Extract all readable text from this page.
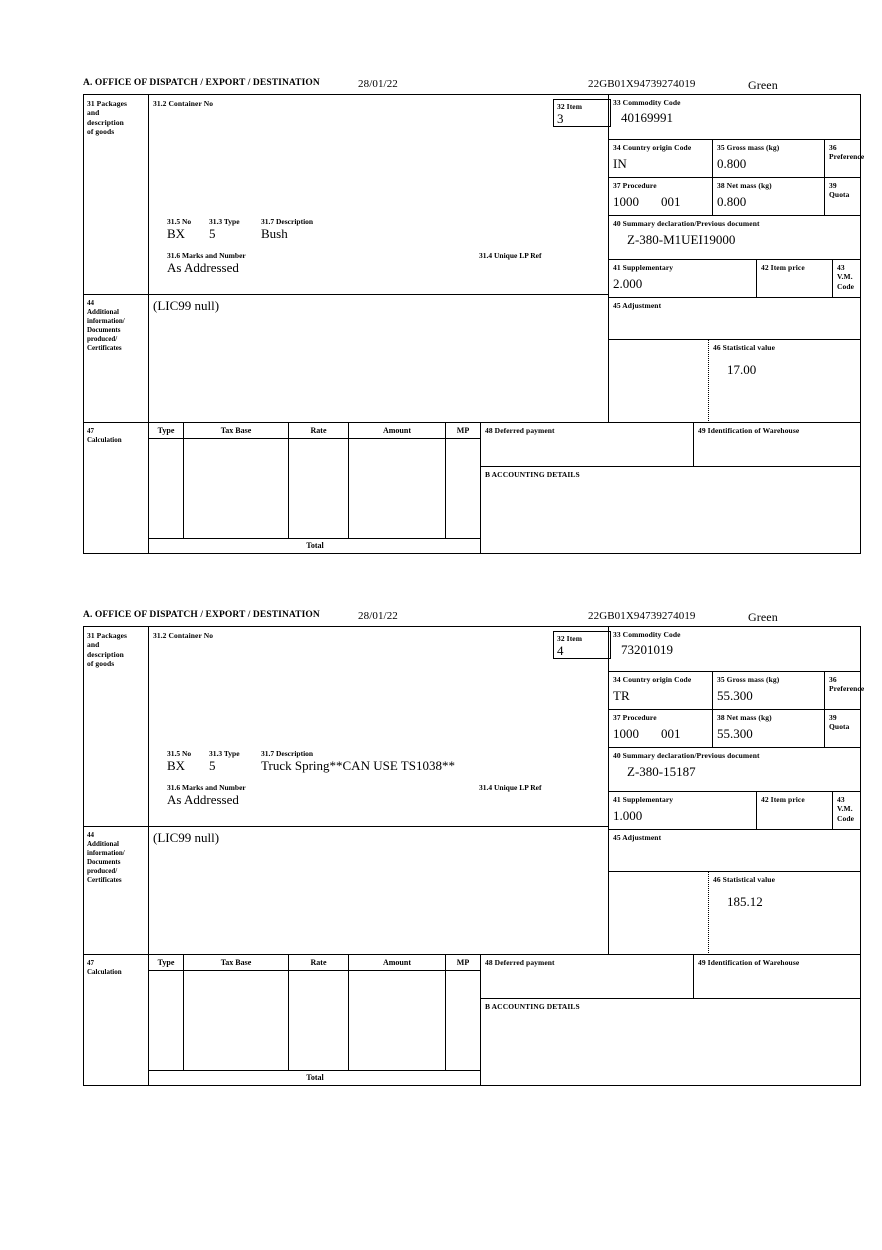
A. OFFICE OF DISPATCH / EXPORT / DESTINATION	28/01/22	22GB01X94739274019	Green
31 Packages
and
description
of goods
31.2 Container No	32 Item
3
31.5 No 31.3 Type	31.7 Description
BX 5	Bush
31.6 Marks and Number	31.4 Unique LP Ref
As Addressed
44
Additional
information/
Documents
produced/
Certificates
(LIC99 null)
33 Commodity Code
40169991
34 Country origin Code
IN
35 Gross mass (kg)
0.800
36 Preference
37 Procedure
1000 001
38 Net mass (kg)
0.800
39 Quota
40 Summary declaration/Previous document
Z-380-M1UEI19000
41 Supplementary
2.000
42 Item price	43 V.M. Code
45 Adjustment
46 Statistical value
17.00
47
Calculation
Type	Tax Base	Rate	Amount	MP
Total
48 Deferred payment	49 Identification of Warehouse
B ACCOUNTING DETAILS
A. OFFICE OF DISPATCH / EXPORT / DESTINATION	28/01/22	22GB01X94739274019	Green
31 Packages
and
description
of goods
31.2 Container No	32 Item
4
31.5 No 31.3 Type	31.7 Description
BX 5	Truck Spring**CAN USE TS1038**
31.6 Marks and Number	31.4 Unique LP Ref
As Addressed
44
Additional
information/
Documents
produced/
Certificates
(LIC99 null)
33 Commodity Code
73201019
34 Country origin Code
TR
35 Gross mass (kg)
55.300
36 Preference
37 Procedure
1000 001
38 Net mass (kg)
55.300
39 Quota
40 Summary declaration/Previous document
Z-380-15187
41 Supplementary
1.000
42 Item price	43 V.M. Code
45 Adjustment
46 Statistical value
185.12
47
Calculation
Type	Tax Base	Rate	Amount	MP
Total
48 Deferred payment	49 Identification of Warehouse
B ACCOUNTING DETAILS
